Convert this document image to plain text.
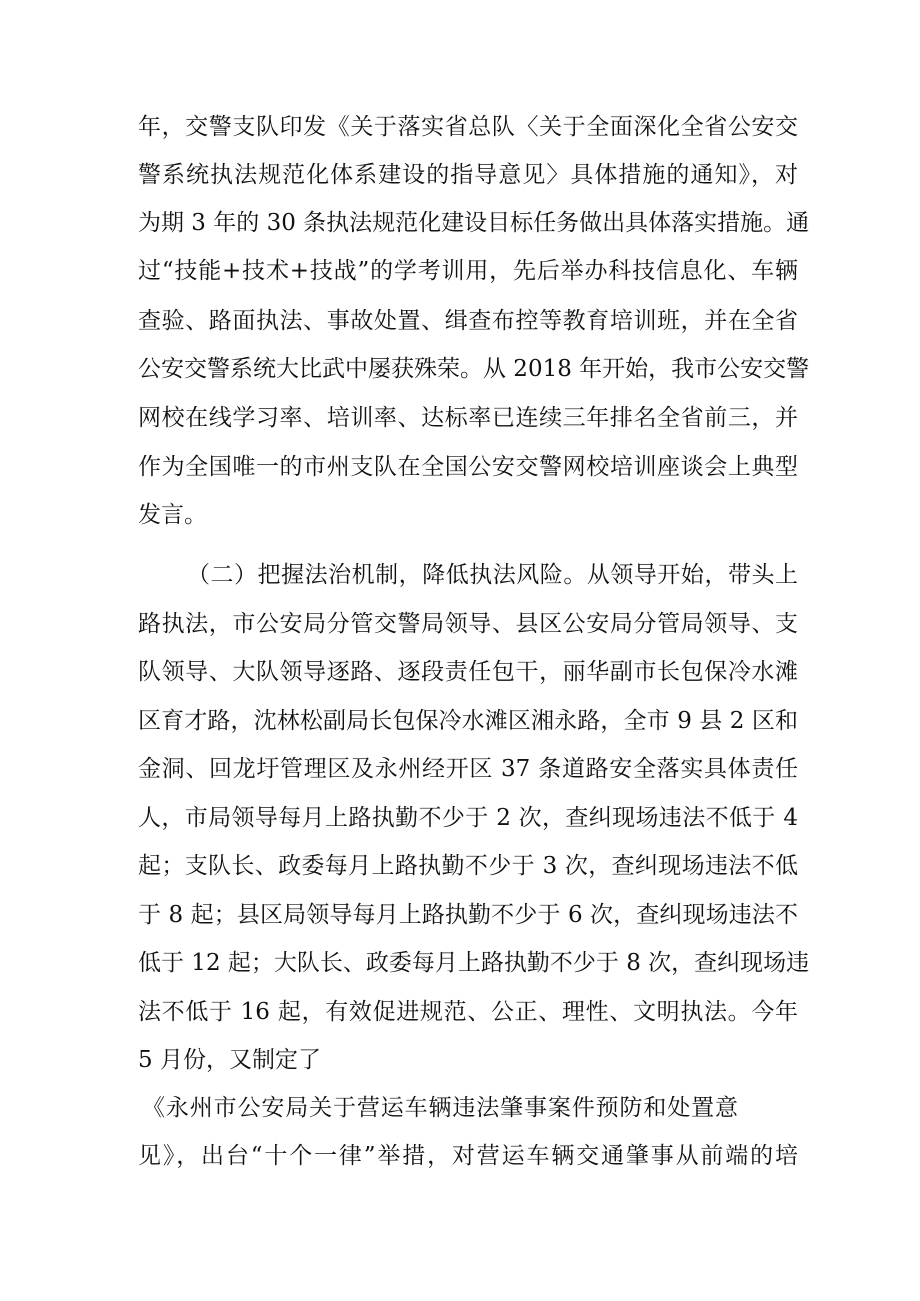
年，交警支队印发《关于落实省总队〈关于全面深化全省公安交
警系统执法规范化体系建设的指导意见〉具体措施的通知》，对
为期 3 年的 30 条执法规范化建设目标任务做出具体落实措施。通
过“技能+技术+技战”的学考训用，先后举办科技信息化、车辆
查验、路面执法、事故处置、缉查布控等教育培训班，并在全省
公安交警系统大比武中屡获殊荣。从 2018 年开始，我市公安交警
网校在线学习率、培训率、达标率已连续三年排名全省前三，并
作为全国唯一的市州支队在全国公安交警网校培训座谈会上典型
发言。
（二）把握法治机制，降低执法风险。从领导开始，带头上
路执法，市公安局分管交警局领导、县区公安局分管局领导、支
队领导、大队领导逐路、逐段责任包干，丽华副市长包保冷水滩
区育才路，沈林松副局长包保冷水滩区湘永路，全市 9 县 2 区和
金洞、回龙圩管理区及永州经开区 37 条道路安全落实具体责任
人，市局领导每月上路执勤不少于 2 次，查纠现场违法不低于 4
起；支队长、政委每月上路执勤不少于 3 次，查纠现场违法不低
于 8 起；县区局领导每月上路执勤不少于 6 次，查纠现场违法不
低于 12 起；大队长、政委每月上路执勤不少于 8 次，查纠现场违
法不低于 16 起，有效促进规范、公正、理性、文明执法。今年
5 月份，又制定了
《永州市公安局关于营运车辆违法肇事案件预防和处置意
见》，出台“十个一律”举措，对营运车辆交通肇事从前端的培
